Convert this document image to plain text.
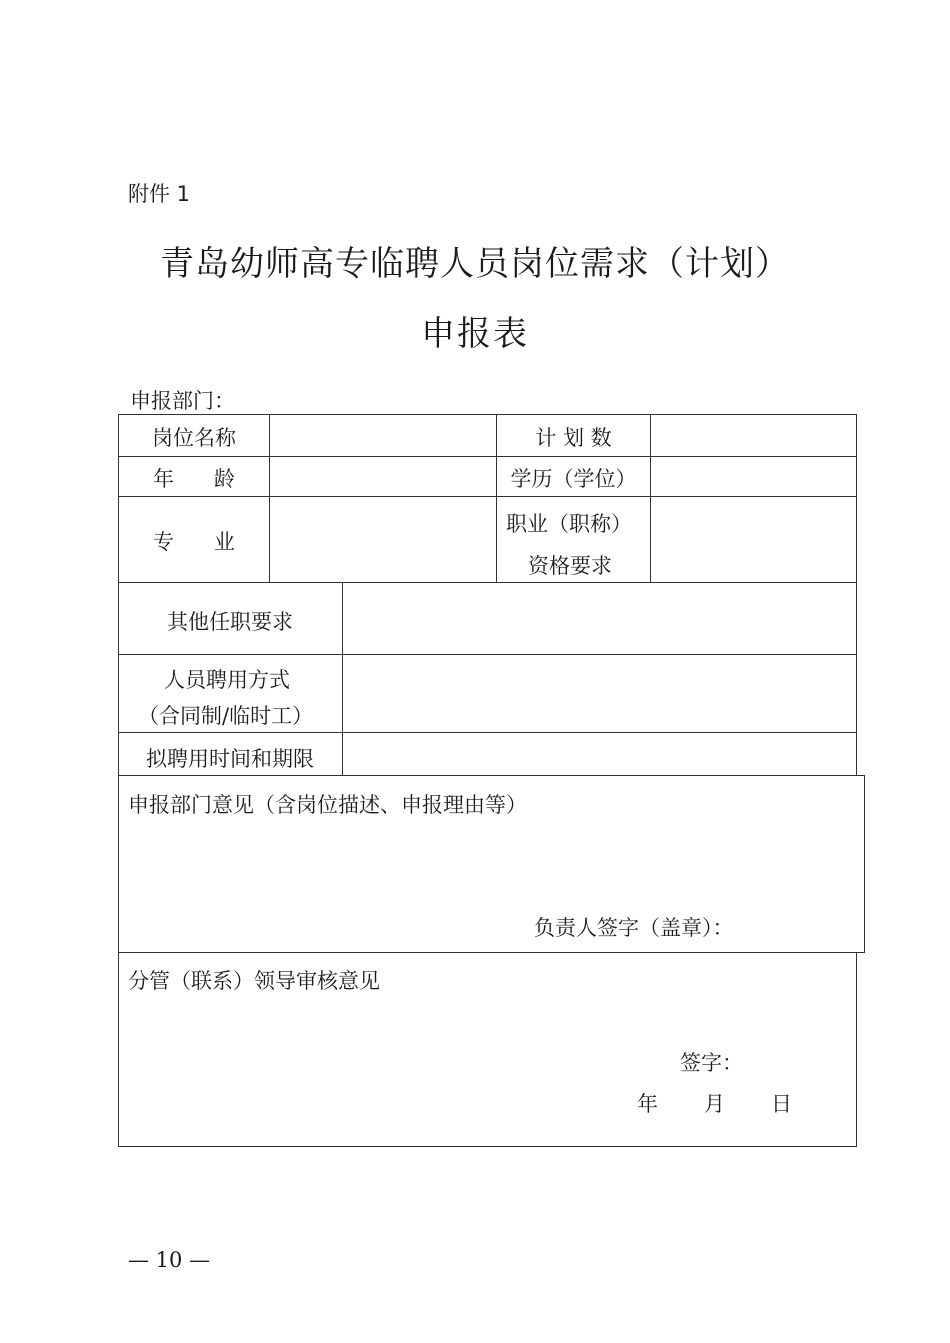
附件 1
青岛幼师高专临聘人员岗位需求（计划）
申报表
申报部门：
岗位名称	计 划 数
年      龄	学历（学位）
专      业
职业（职称）
资格要求
其他任职要求
人员聘用方式
（合同制/临时工）
拟聘用时间和期限
申报部门意见（含岗位描述、申报理由等）
负责人签字（盖章）：
分管（联系）领导审核意见
签字：
年 月 日
— 10 —
